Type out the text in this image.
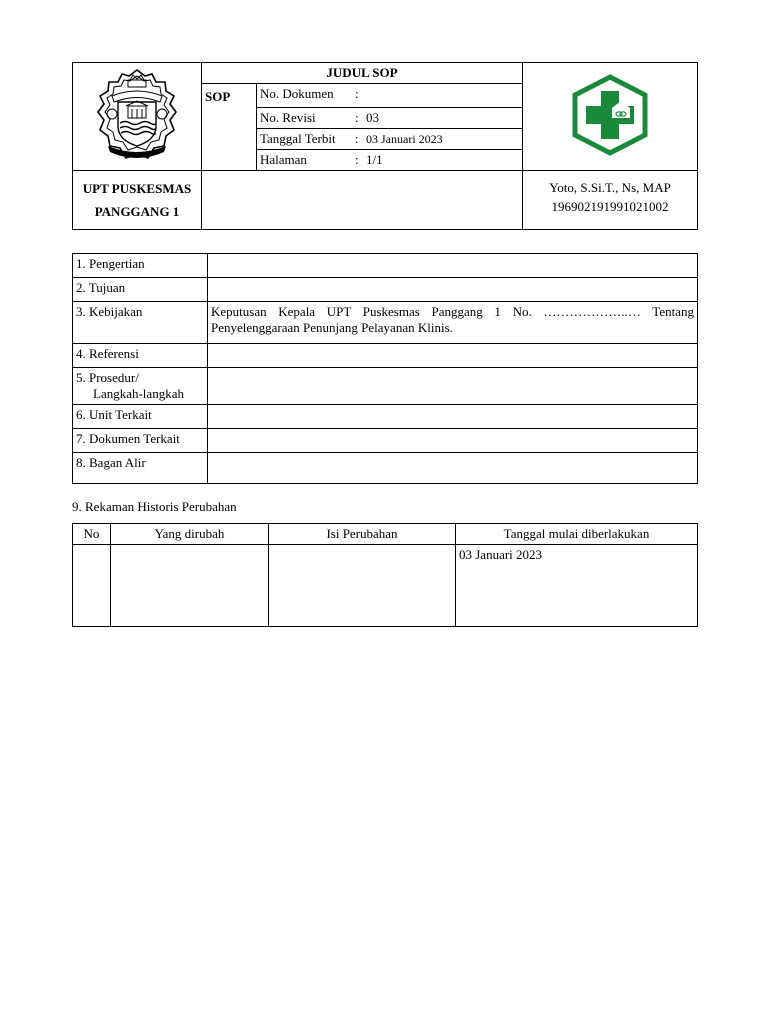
	JUDUL SOP	
	SOP	No. Dokumen :	
		No. Revisi : 03	
		Tanggal Terbit : 03 Januari 2023	
		Halaman : 1/1	
UPT PUSKESMAS
PANGGANG 1			Yoto, S.Si.T., Ns, MAP
196902191991021002
1. Pengertian	
2. Tujuan	
3. Kebijakan	Keputusan Kepala UPT Puskesmas Panggang 1 No. ………………..… Tentang Penyelenggaraan Penunjang Pelayanan Klinis.
4. Referensi	
5. Prosedur/
Langkah-langkah	

6. Unit Terkait	
7. Dokumen Terkait	
8. Bagan Alir	
9. Rekaman Historis Perubahan
No	Yang dirubah	Isi Perubahan	Tanggal mulai diberlakukan
			03 Januari 2023
